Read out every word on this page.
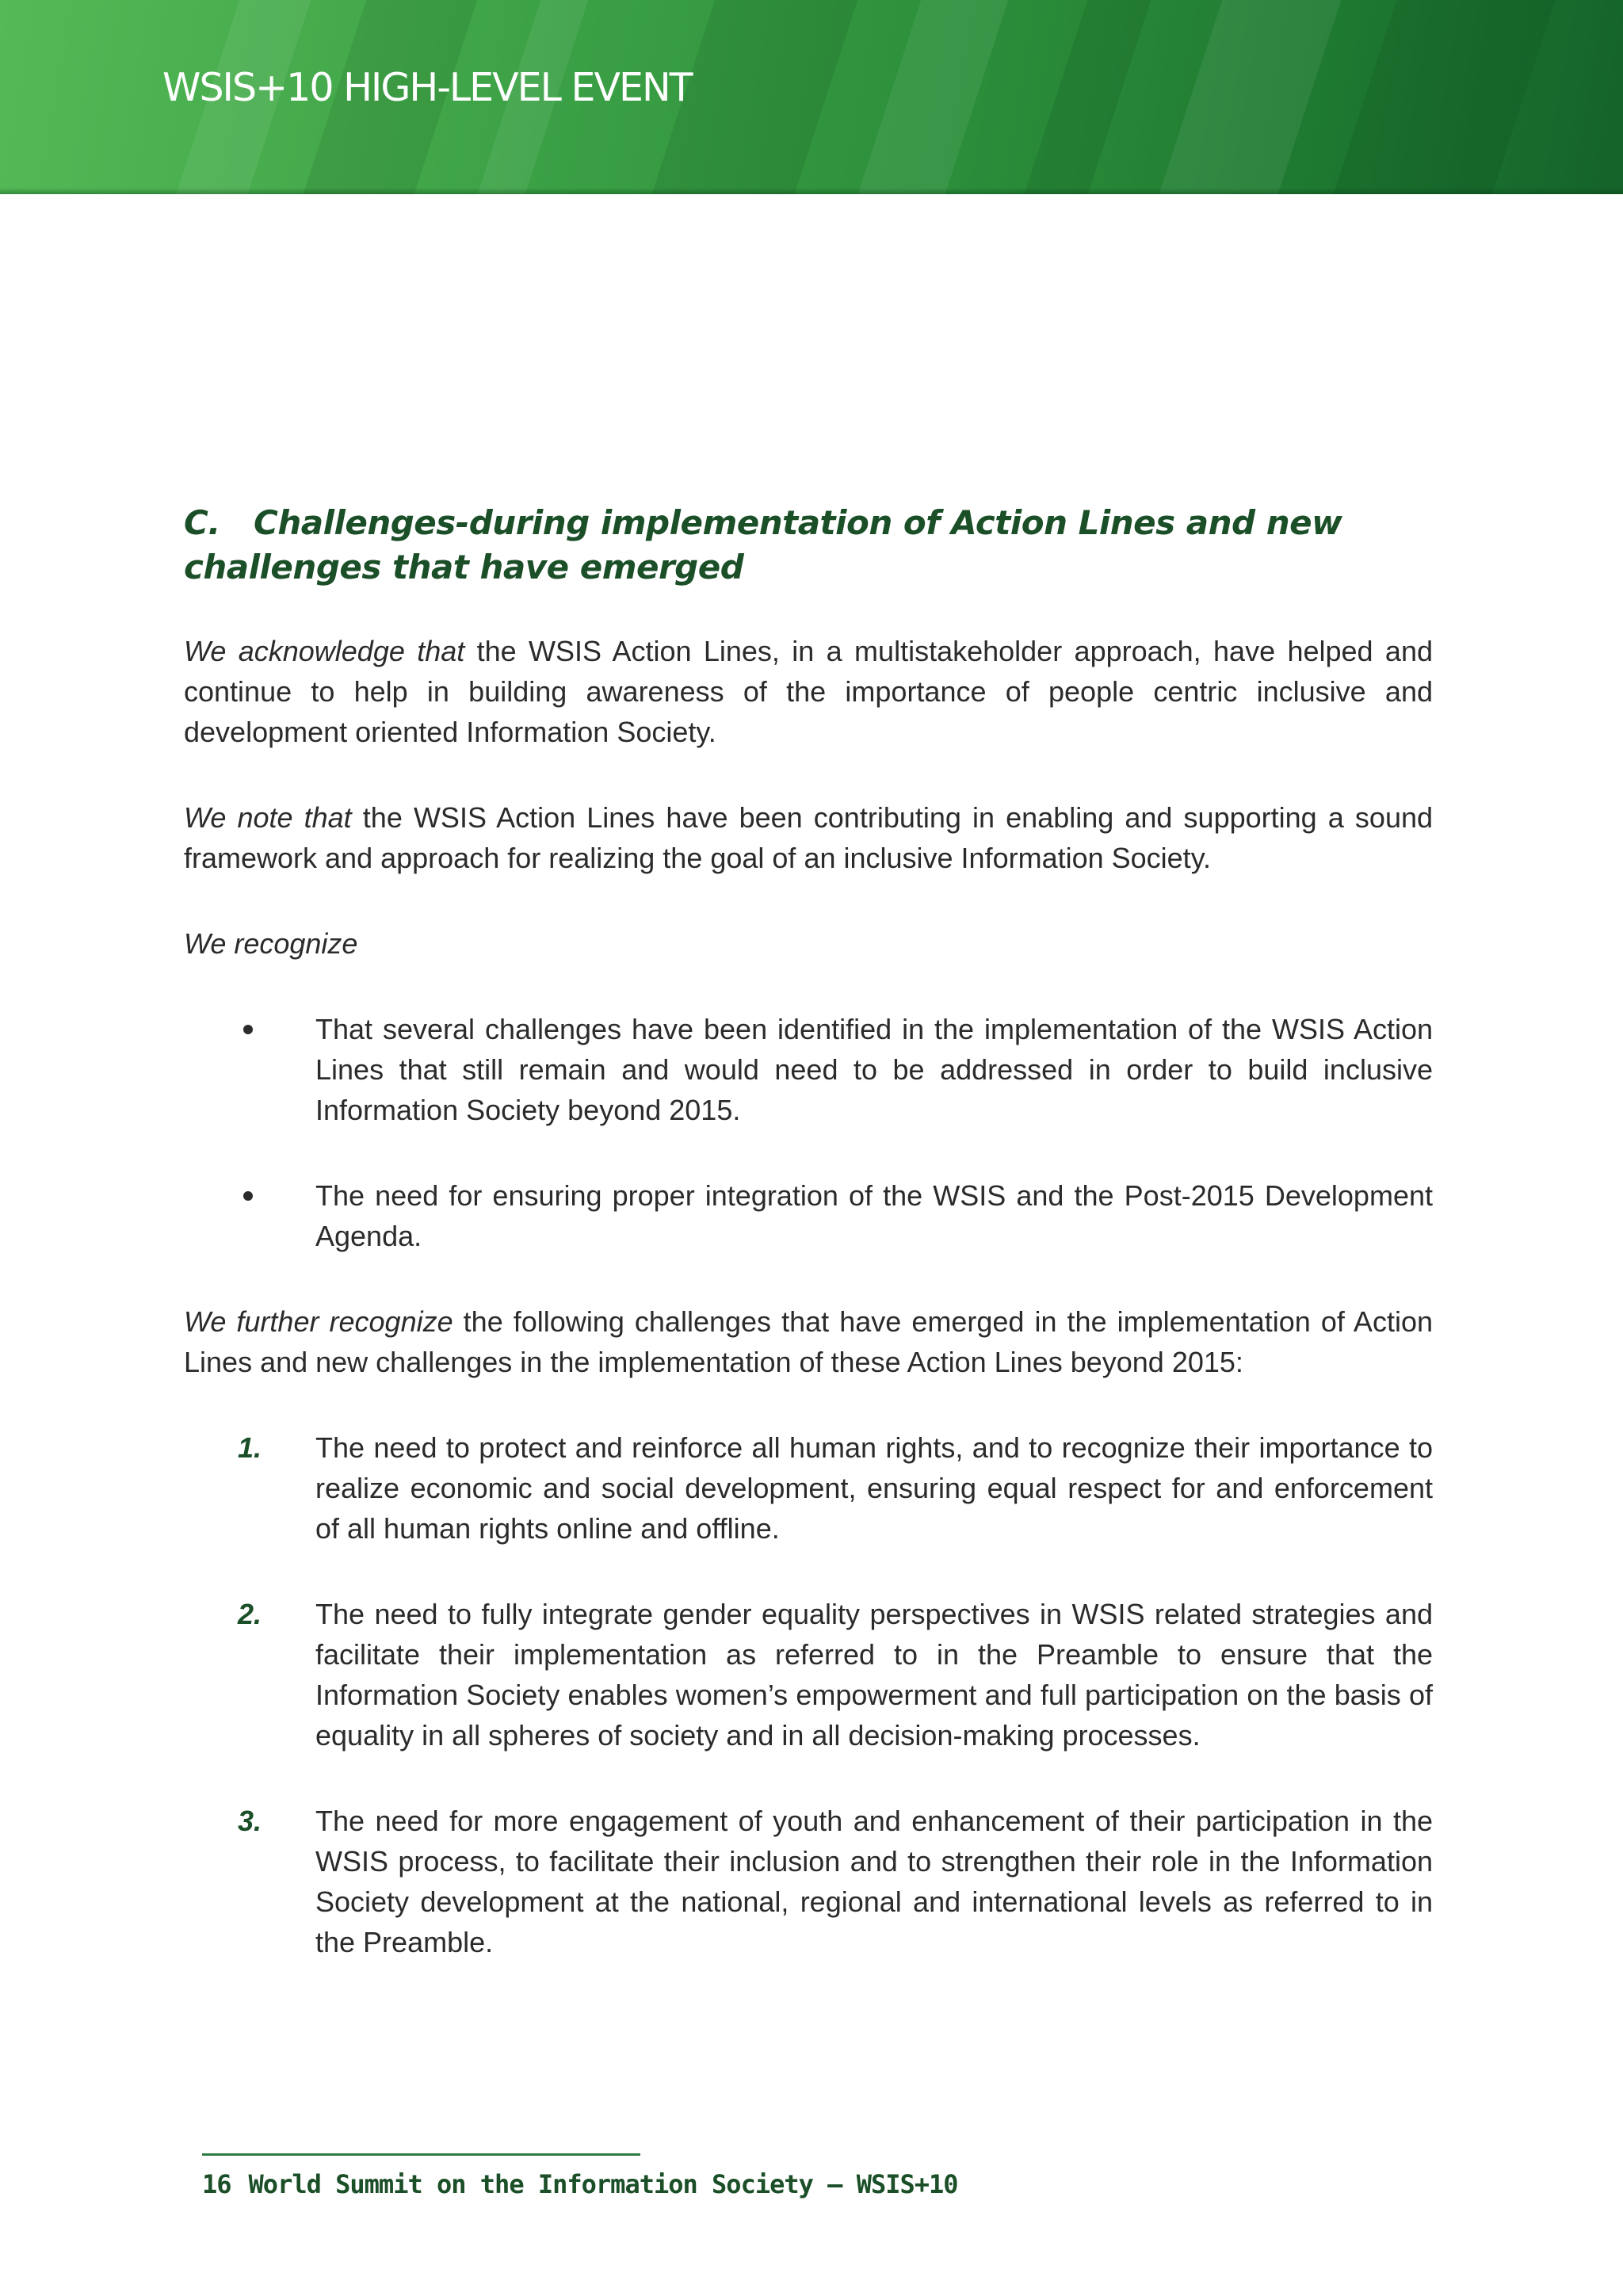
WSIS+10 HIGH-LEVEL EVENT
C. Challenges-during implementation of Action Lines and new challenges that have emerged

We acknowledge that the WSIS Action Lines, in a multistakeholder approach, have helped and continue to help in building awareness of the importance of people centric inclusive and development oriented Information Society.

We note that the WSIS Action Lines have been contributing in enabling and supporting a sound framework and approach for realizing the goal of an inclusive Information Society.

We recognize

That several challenges have been identified in the implementation of the WSIS Action Lines that still remain and would need to be addressed in order to build inclusive Information Society beyond 2015.
The need for ensuring proper integration of the WSIS and the Post-2015 Development Agenda.

We further recognize the following challenges that have emerged in the implementation of Action Lines and new challenges in the implementation of these Action Lines beyond 2015:

1. The need to protect and reinforce all human rights, and to recognize their importance to realize economic and social development, ensuring equal respect for and enforcement of all human rights online and offline.
2. The need to fully integrate gender equality perspectives in WSIS related strategies and facilitate their implementation as referred to in the Preamble to ensure that the Information Society enables women’s empowerment and full participation on the basis of equality in all spheres of society and in all decision-making processes.
3. The need for more engagement of youth and enhancement of their participation in the WSIS process, to facilitate their inclusion and to strengthen their role in the Information Society development at the national, regional and international levels as referred to in the Preamble.
16 World Summit on the Information Society — WSIS+10
